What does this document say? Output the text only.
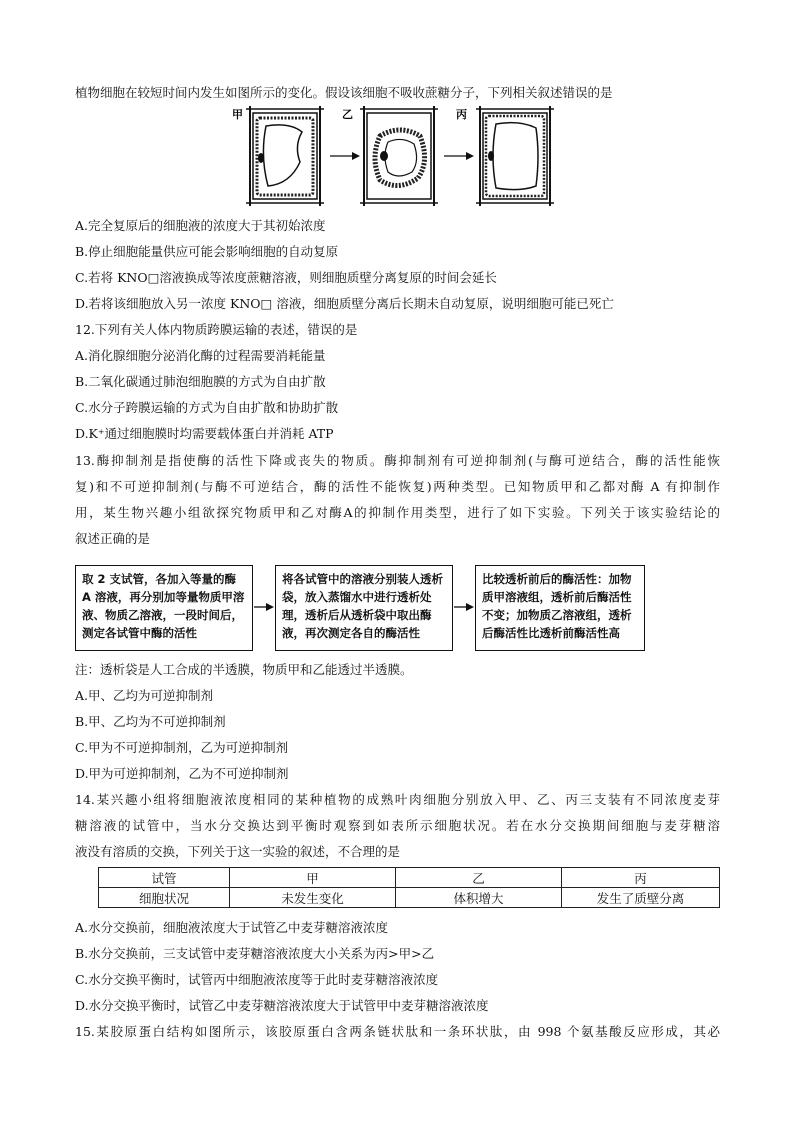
植物细胞在较短时间内发生如图所示的变化。假设该细胞不吸收蔗糖分子，下列相关叙述错误的是
甲	乙	丙
A.完全复原后的细胞液的浓度大于其初始浓度
B.停止细胞能量供应可能会影响细胞的自动复原
C.若将 KNO□溶液换成等浓度蔗糖溶液，则细胞质壁分离复原的时间会延长
D.若将该细胞放入另一浓度 KNO□ 溶液，细胞质壁分离后长期未自动复原，说明细胞可能已死亡
12.下列有关人体内物质跨膜运输的表述，错误的是
A.消化腺细胞分泌消化酶的过程需要消耗能量
B.二氧化碳通过肺泡细胞膜的方式为自由扩散
C.水分子跨膜运输的方式为自由扩散和协助扩散
D.K⁺通过细胞膜时均需要载体蛋白并消耗 ATP
13.酶抑制剂是指使酶的活性下降或丧失的物质。酶抑制剂有可逆抑制剂(与酶可逆结合，酶的活性能恢
复)和不可逆抑制剂(与酶不可逆结合，酶的活性不能恢复)两种类型。已知物质甲和乙都对酶 A 有抑制作
用，某生物兴趣小组欲探究物质甲和乙对酶A的抑制作用类型，进行了如下实验。下列关于该实验结论的
叙述正确的是
取 2 支试管，各加入等量的酶 A 溶液，再分别加等量物质甲溶液、物质乙溶液，一段时间后，测定各试管中酶的活性
将各试管中的溶液分别装人透析袋，放入蒸馏水中进行透析处理，透析后从透析袋中取出酶液，再次测定各自的酶活性
比较透析前后的酶活性：加物质甲溶液组，透析前后酶活性不变；加物质乙溶液组，透析后酶活性比透析前酶活性高
注：透析袋是人工合成的半透膜，物质甲和乙能透过半透膜。
A.甲、乙均为可逆抑制剂
B.甲、乙均为不可逆抑制剂
C.甲为不可逆抑制剂，乙为可逆抑制剂
D.甲为可逆抑制剂，乙为不可逆抑制剂
14.某兴趣小组将细胞液浓度相同的某种植物的成熟叶肉细胞分别放入甲、乙、丙三支装有不同浓度麦芽
糖溶液的试管中，当水分交换达到平衡时观察到如表所示细胞状况。若在水分交换期间细胞与麦芽糖溶
液没有溶质的交换，下列关于这一实验的叙述，不合理的是
试管	甲	乙	丙
细胞状况	未发生变化	体积增大	发生了质壁分离
A.水分交换前，细胞液浓度大于试管乙中麦芽糖溶液浓度
B.水分交换前，三支试管中麦芽糖溶液浓度大小关系为丙>甲>乙
C.水分交换平衡时，试管丙中细胞液浓度等于此时麦芽糖溶液浓度
D.水分交换平衡时，试管乙中麦芽糖溶液浓度大于试管甲中麦芽糖溶液浓度
15.某胶原蛋白结构如图所示，该胶原蛋白含两条链状肽和一条环状肽，由 998 个氨基酸反应形成，其必
